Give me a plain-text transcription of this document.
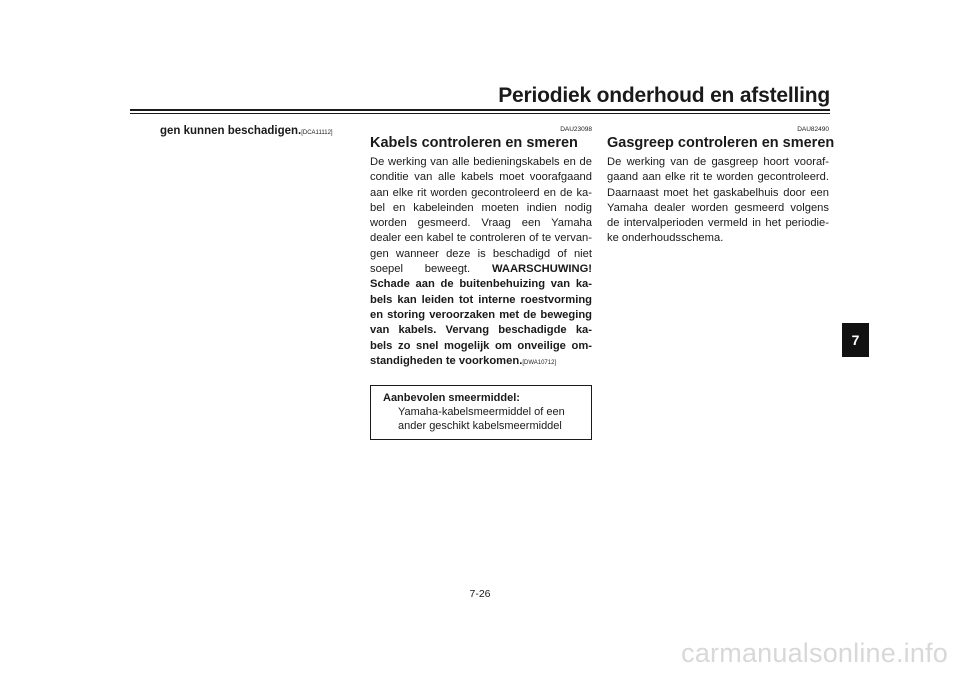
Periodiek onderhoud en afstelling
gen kunnen beschadigen.[DCA11112]	DAU23098
Kabels controleren en smeren
De werking van alle bedieningskabels en de conditie van alle kabels moet voorafgaand aan elke rit worden gecontroleerd en de ka- bel en kabeleinden moeten indien nodig worden gesmeerd. Vraag een Yamaha dealer een kabel te controleren of te vervan- gen wanneer deze is beschadigd of niet soepel beweegt. WAARSCHUWING! Schade aan de buitenbehuizing van ka- bels kan leiden tot interne roestvorming en storing veroorzaken met de beweging van kabels. Vervang beschadigde ka- bels zo snel mogelijk om onveilige om- standigheden te voorkomen.[DWA10712]
Aanbevolen smeermiddel:
Yamaha-kabelsmeermiddel of een ander geschikt kabelsmeermiddel
DAU82490
Gasgreep controleren en smeren
De werking van de gasgreep hoort vooraf- gaand aan elke rit te worden gecontroleerd. Daarnaast moet het gaskabelhuis door een Yamaha dealer worden gesmeerd volgens de intervalperioden vermeld in het periodie- ke onderhoudsschema.
7
7-26
carmanualsonline.info
